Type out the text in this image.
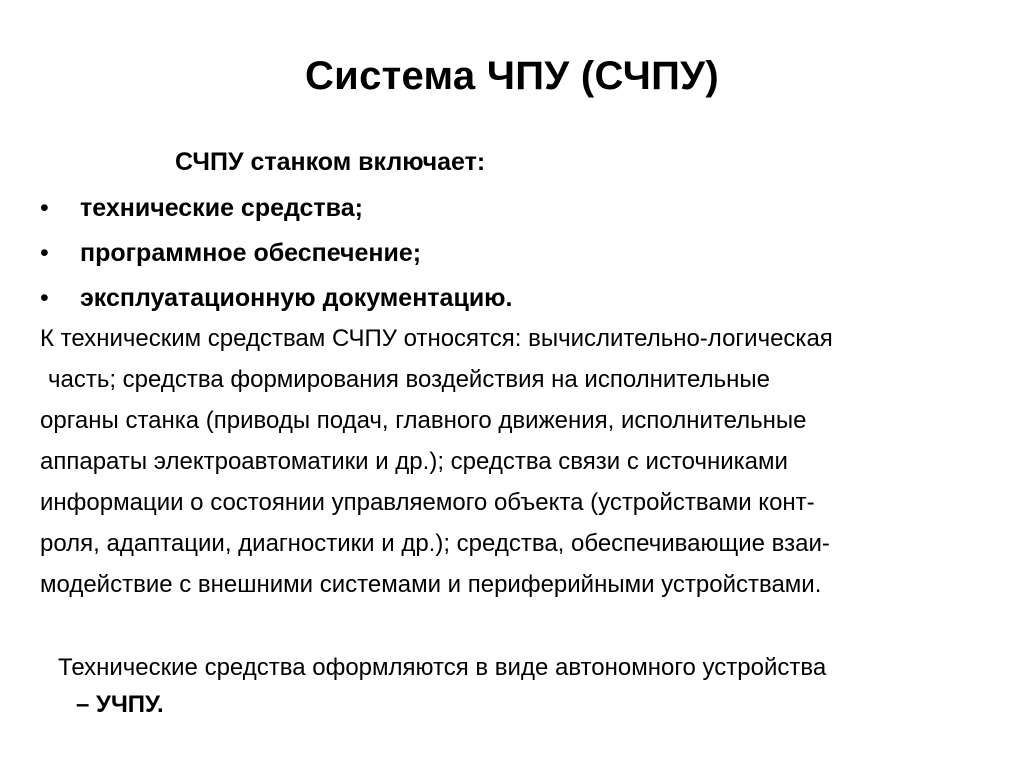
Система ЧПУ (СЧПУ)
СЧПУ станком включает:
•	технические средства;
•	программное обеспечение;
•	эксплуатационную документацию.
К техническим средствам СЧПУ относятся: вычислительно-логическая
часть; средства формирования воздействия на исполнительные
органы станка (приводы подач, главного движения, исполнительные
аппараты электроавтоматики и др.); средства связи с источниками
информации о состоянии управляемого объекта (устройствами конт-
роля, адаптации, диагностики и др.); средства, обеспечивающие взаи-
модействие с внешними системами и периферийными устройствами.
Технические средства оформляются в виде автономного устройства
– УЧПУ.
